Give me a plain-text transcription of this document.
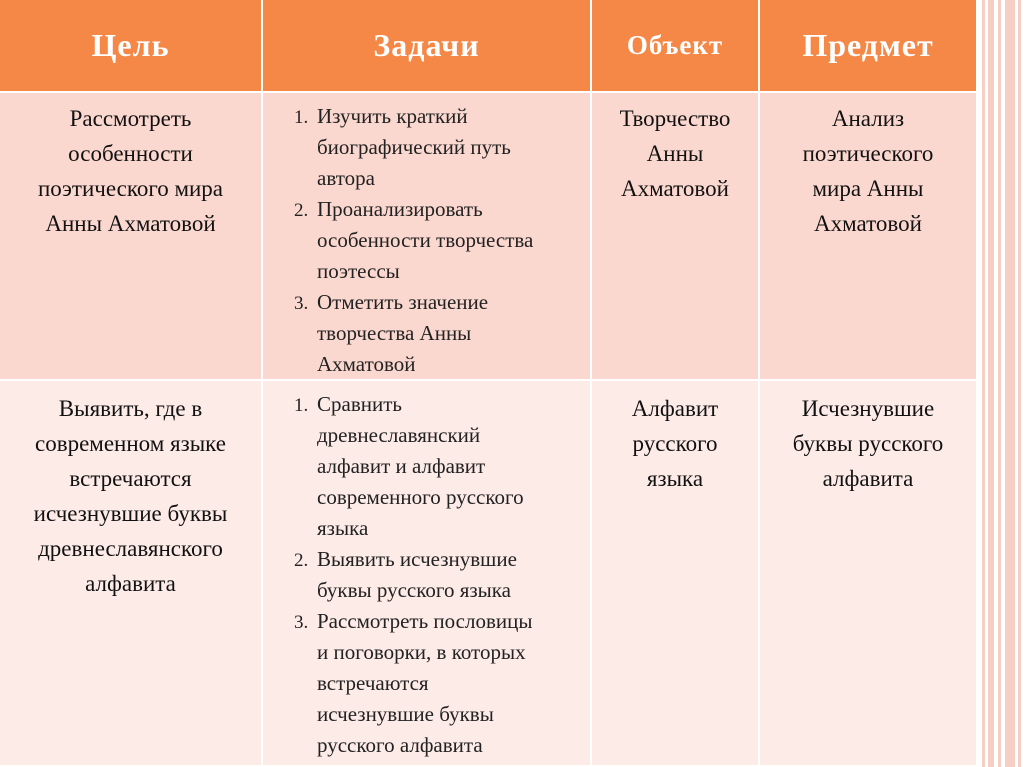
Цель	Задачи	Объект Предмет
Рассмотреть
особенности
поэтического мира
Анны Ахматовой
1. Изучить краткий
биографический путь
автора
2. Проанализировать
особенности творчества
поэтессы
3. Отметить значение
творчества Анны
Ахматовой
Творчество
Анны
Ахматовой
Анализ
поэтического
мира Анны
Ахматовой
Выявить, где в
современном языке
встречаются
исчезнувшие буквы
древнеславянского
алфавита
1. Сравнить
древнеславянский
алфавит и алфавит
современного русского
языка
2. Выявить исчезнувшие
буквы русского языка
3. Рассмотреть пословицы
и поговорки, в которых
встречаются
исчезнувшие буквы
русского алфавита
Алфавит
русского
языка
Исчезнувшие
буквы русского
алфавита
